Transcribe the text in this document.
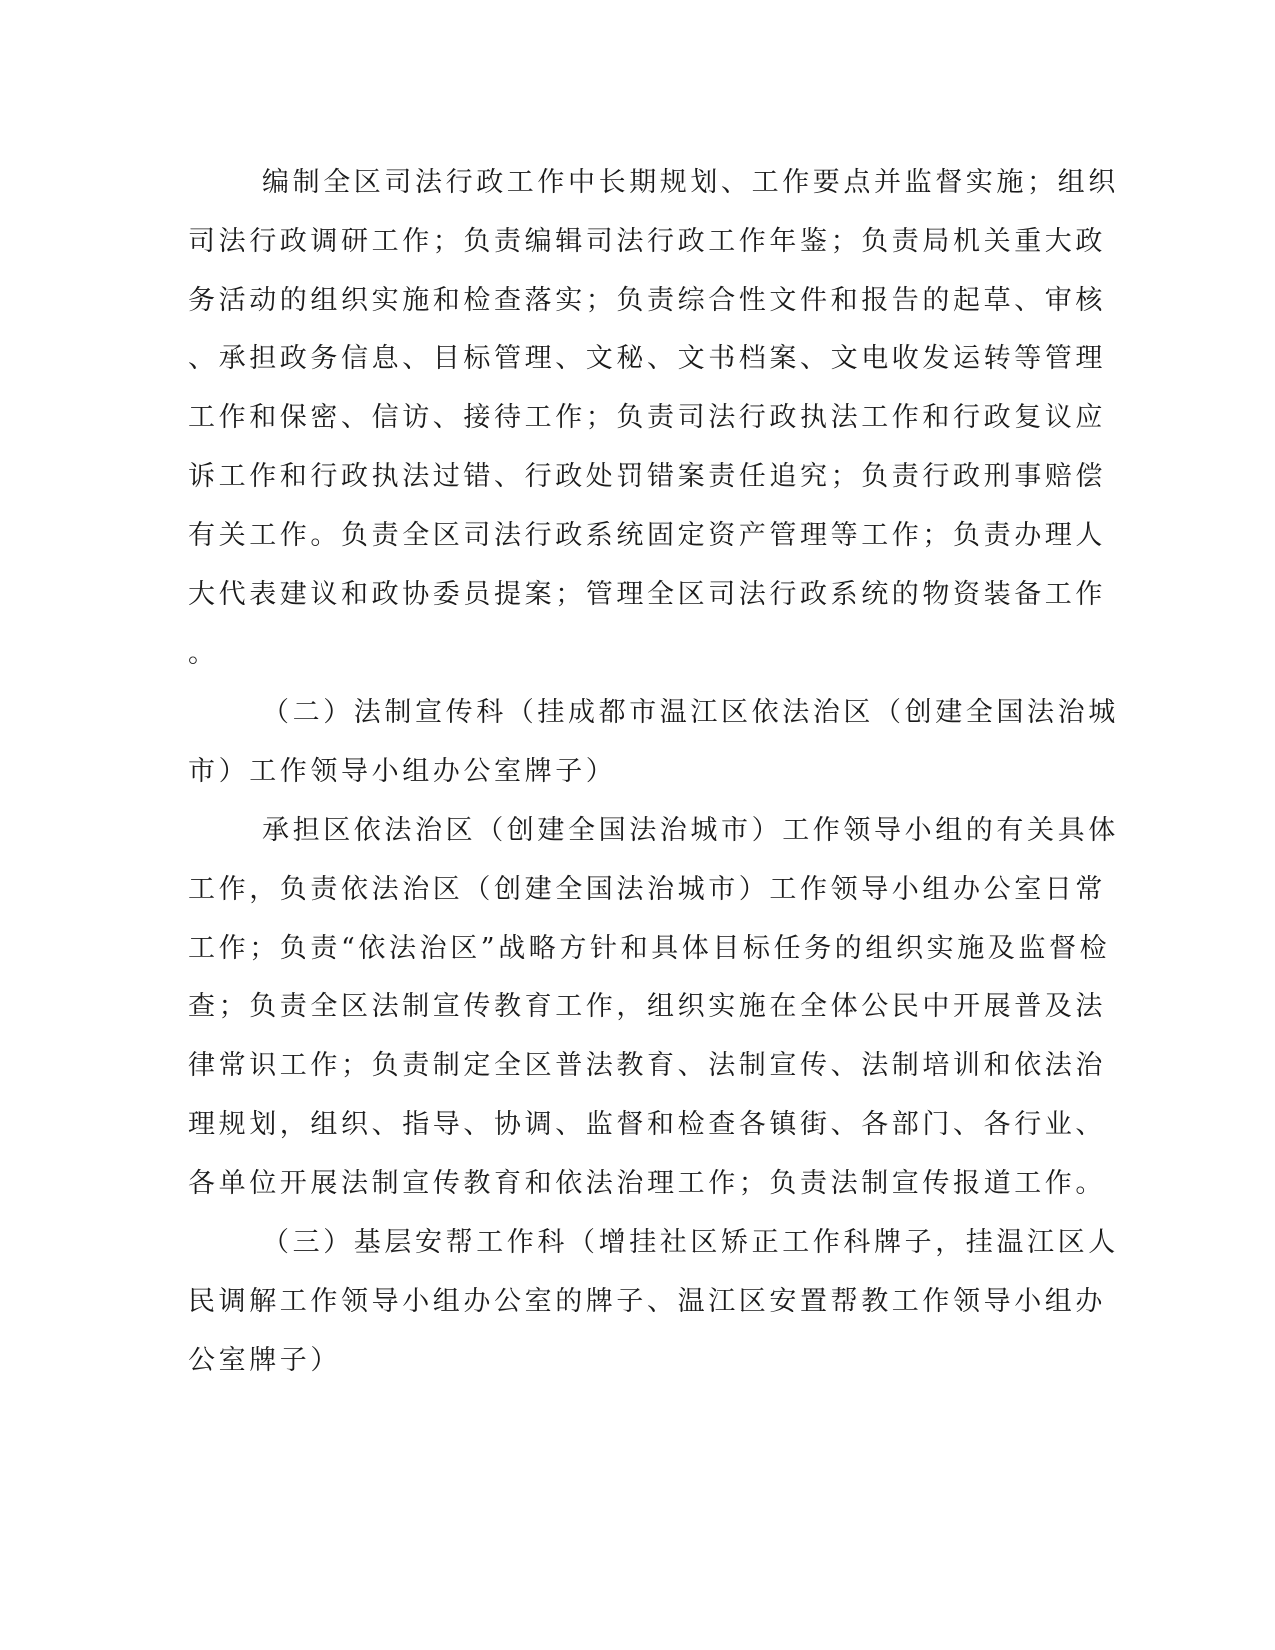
编制全区司法行政工作中长期规划、工作要点并监督实施；组织

司法行政调研工作；负责编辑司法行政工作年鉴；负责局机关重大政

务活动的组织实施和检查落实；负责综合性文件和报告的起草、审核

、承担政务信息、目标管理、文秘、文书档案、文电收发运转等管理

工作和保密、信访、接待工作；负责司法行政执法工作和行政复议应

诉工作和行政执法过错、行政处罚错案责任追究；负责行政刑事赔偿

有关工作。负责全区司法行政系统固定资产管理等工作；负责办理人

大代表建议和政协委员提案；管理全区司法行政系统的物资装备工作

。

（二）法制宣传科（挂成都市温江区依法治区（创建全国法治城

市）工作领导小组办公室牌子）

承担区依法治区（创建全国法治城市）工作领导小组的有关具体

工作，负责依法治区（创建全国法治城市）工作领导小组办公室日常

工作；负责“依法治区”战略方针和具体目标任务的组织实施及监督检

查；负责全区法制宣传教育工作，组织实施在全体公民中开展普及法

律常识工作；负责制定全区普法教育、法制宣传、法制培训和依法治

理规划，组织、指导、协调、监督和检查各镇街、各部门、各行业、

各单位开展法制宣传教育和依法治理工作；负责法制宣传报道工作。

（三）基层安帮工作科（增挂社区矫正工作科牌子，挂温江区人

民调解工作领导小组办公室的牌子、温江区安置帮教工作领导小组办

公室牌子）
